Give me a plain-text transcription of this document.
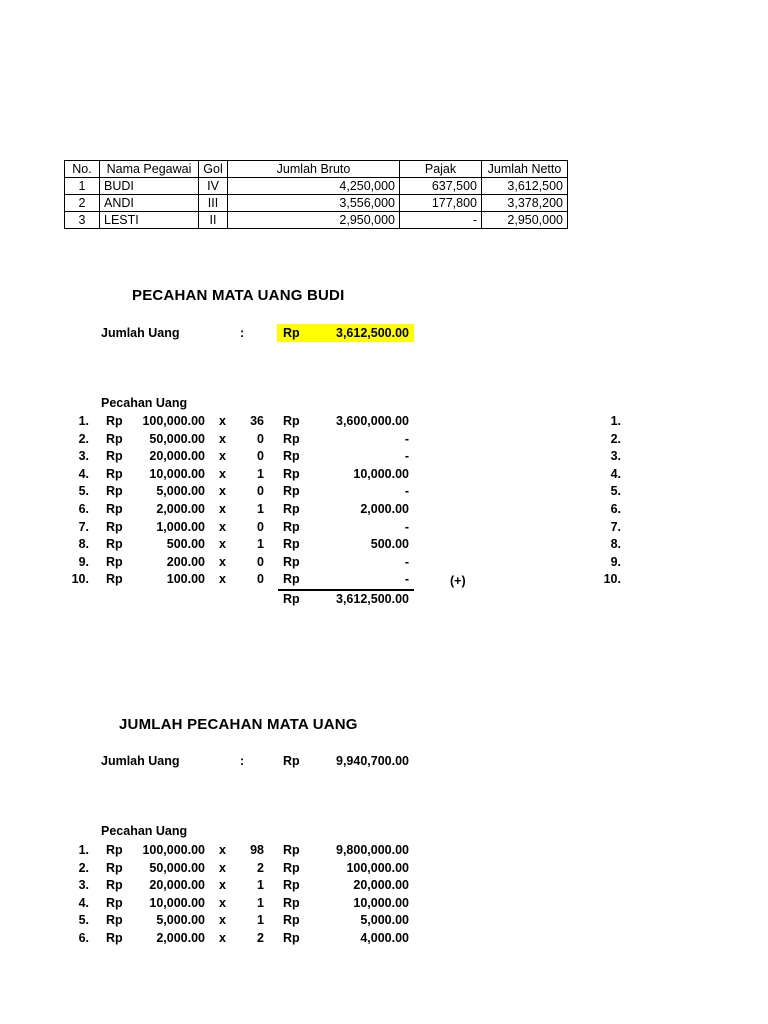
No.	Nama Pegawai	Gol	Jumlah Bruto	Pajak	Jumlah Netto
1	BUDI	IV	4,250,000	637,500	3,612,500
2	ANDI	III	3,556,000	177,800	3,378,200
3	LESTI	II	2,950,000	-	2,950,000
PECAHAN MATA UANG BUDI
Jumlah Uang	:	Rp	3,612,500.00
Pecahan Uang
1. Rp	100,000.00 x	36 Rp	3,600,000.00	1.
2. Rp	50,000.00 x	0 Rp	-	2.
3. Rp	20,000.00 x	0 Rp	-	3.
4. Rp	10,000.00 x	1 Rp	10,000.00	4.
5. Rp	5,000.00 x	0 Rp	-	5.
6. Rp	2,000.00 x	1 Rp	2,000.00	6.
7. Rp	1,000.00 x	0 Rp	-	7.
8. Rp	500.00 x	1 Rp	500.00	8.
9. Rp	200.00 x	0 Rp	-	9.
10. Rp	100.00 x	0 Rp	-	10.
(+)
Rp	3,612,500.00
JUMLAH PECAHAN MATA UANG
Jumlah Uang	:	Rp	9,940,700.00
Pecahan Uang
1. Rp	100,000.00 x	98 Rp	9,800,000.00
2. Rp	50,000.00 x	2 Rp	100,000.00
3. Rp	20,000.00 x	1 Rp	20,000.00
4. Rp	10,000.00 x	1 Rp	10,000.00
5. Rp	5,000.00 x	1 Rp	5,000.00
6. Rp	2,000.00 x	2 Rp	4,000.00
